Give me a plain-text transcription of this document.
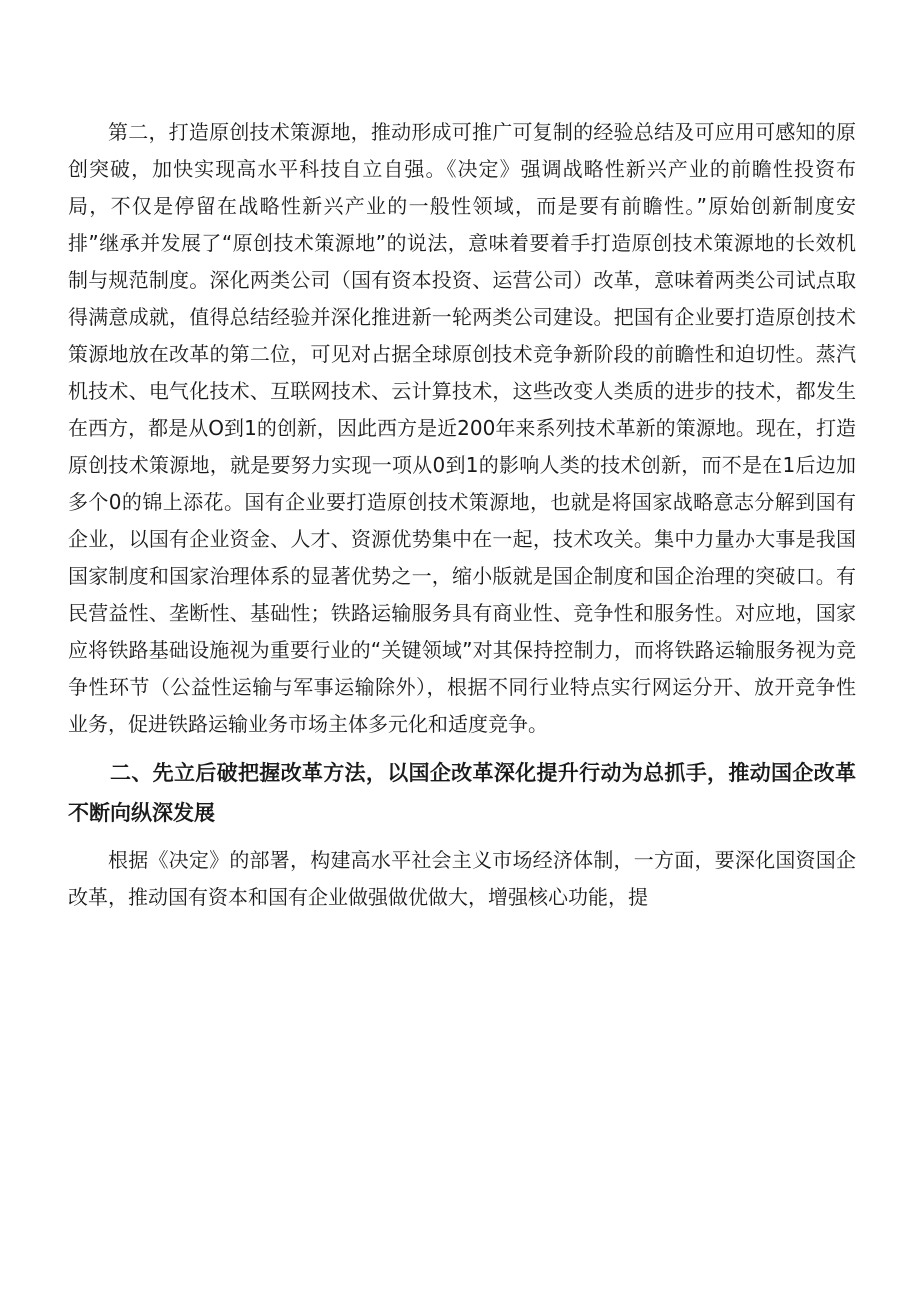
第二，打造原创技术策源地，推动形成可推广可复制的经验总结及可应用可感知的原创突破，加快实现高水平科技自立自强。《决定》强调战略性新兴产业的前瞻性投资布局，不仅是停留在战略性新兴产业的一般性领域，而是要有前瞻性。”原始创新制度安排”继承并发展了“原创技术策源地”的说法，意味着要着手打造原创技术策源地的长效机制与规范制度。深化两类公司（国有资本投资、运营公司）改革，意味着两类公司试点取得满意成就，值得总结经验并深化推进新一轮两类公司建设。把国有企业要打造原创技术策源地放在改革的第二位，可见对占据全球原创技术竞争新阶段的前瞻性和迫切性。蒸汽机技术、电气化技术、互联网技术、云计算技术，这些改变人类质的进步的技术，都发生在西方，都是从O到1的创新，因此西方是近200年来系列技术革新的策源地。现在，打造原创技术策源地，就是要努力实现一项从0到1的影响人类的技术创新，而不是在1后边加多个0的锦上添花。国有企业要打造原创技术策源地，也就是将国家战略意志分解到国有企业，以国有企业资金、人才、资源优势集中在一起，技术攻关。集中力量办大事是我国国家制度和国家治理体系的显著优势之一，缩小版就是国企制度和国企治理的突破口。有民营益性、垄断性、基础性；铁路运输服务具有商业性、竞争性和服务性。对应地，国家应将铁路基础设施视为重要行业的“关键领域”对其保持控制力，而将铁路运输服务视为竞争性环节（公益性运输与军事运输除外），根据不同行业特点实行网运分开、放开竞争性业务，促进铁路运输业务市场主体多元化和适度竞争。

二、先立后破把握改革方法，以国企改革深化提升行动为总抓手，推动国企改革不断向纵深发展

根据《决定》的部署，构建高水平社会主义市场经济体制，一方面，要深化国资国企改革，推动国有资本和国有企业做强做优做大，增强核心功能，提
